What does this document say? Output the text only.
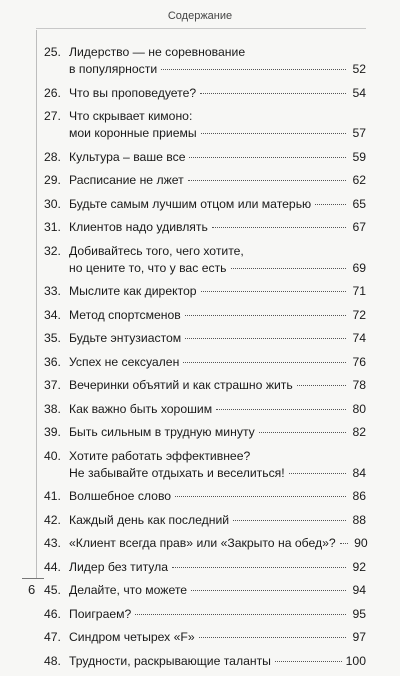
Содержание
25. Лидерство — не соревнование
в популярности	52
26. Что вы проповедуете?	54
27. Что скрывает кимоно:
мои коронные приемы	57
28. Культура – ваше все	59
29. Расписание не лжет	62
30. Будьте самым лучшим отцом или матерью	65
31. Клиентов надо удивлять	67
32. Добивайтесь того, чего хотите,
но цените то, что у вас есть	69
33. Мыслите как директор	71
34. Метод спортсменов	72
35. Будьте энтузиастом	74
36. Успех не сексуален	76
37. Вечеринки объятий и как страшно жить	78
38. Как важно быть хорошим	80
39. Быть сильным в трудную минуту	82
40. Хотите работать эффективнее?
Не забывайте отдыхать и веселиться!	84
41. Волшебное слово	86
42. Каждый день как последний	88
43. «Клиент всегда прав» или «Закрыто на обед»? 90
44. Лидер без титула	92
45. Делайте, что можете	94
46. Поиграем?	95
47. Синдром четырех «F»	97
48. Трудности, раскрывающие таланты	100
6
